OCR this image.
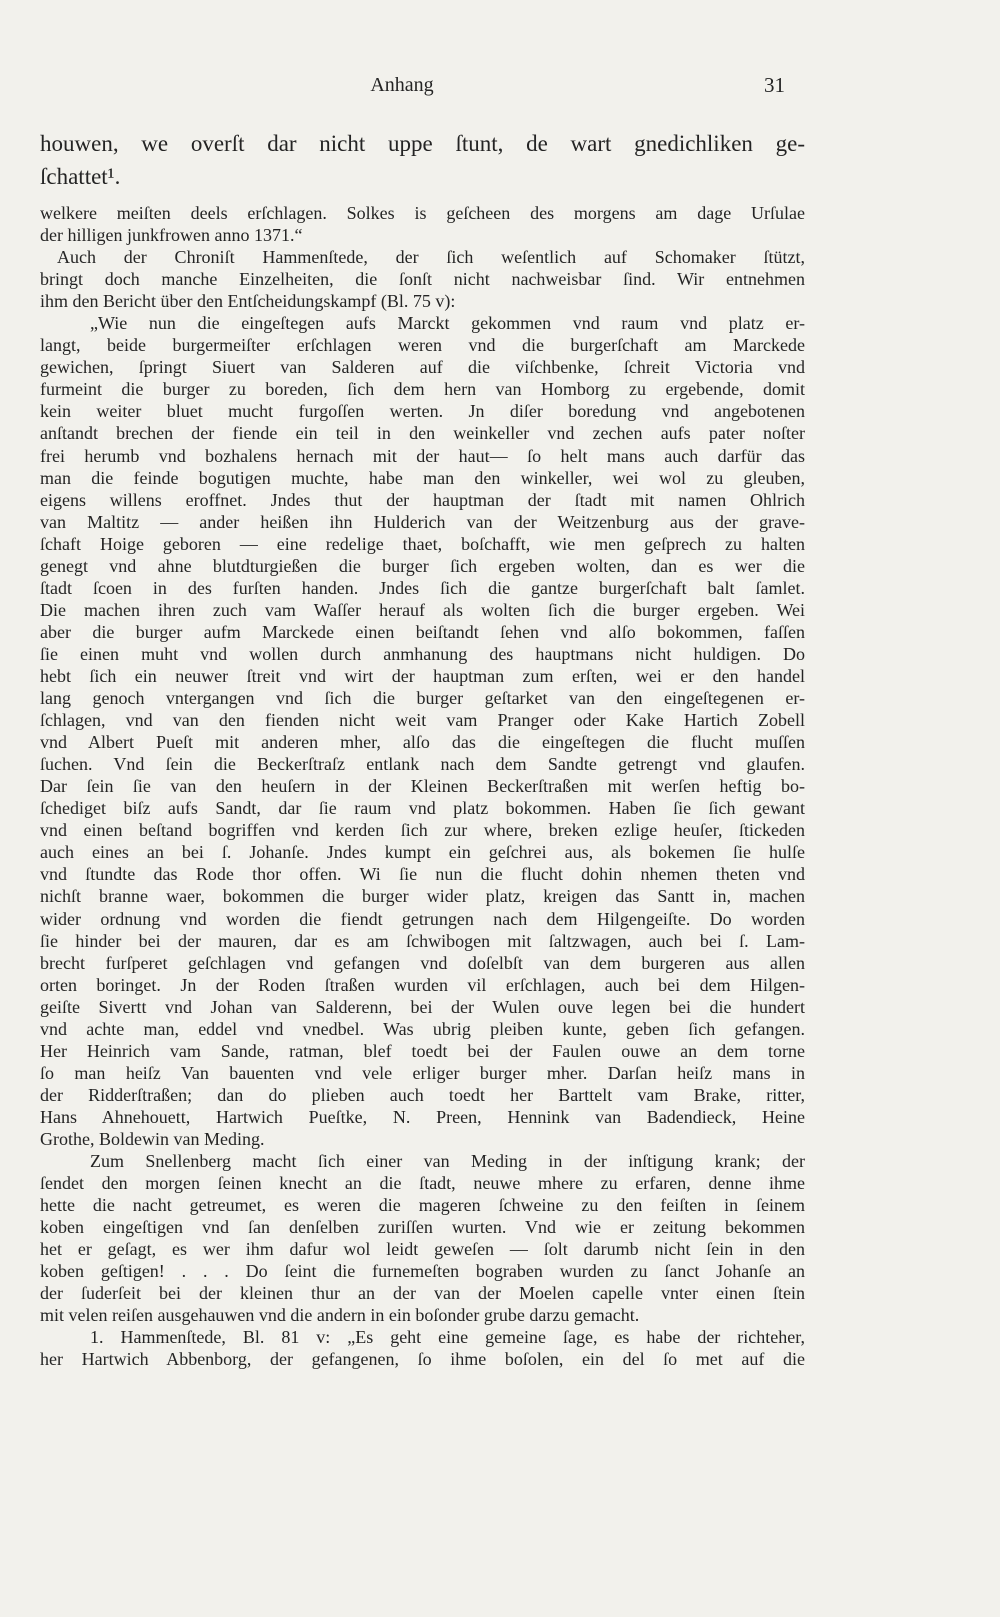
Anhang	31
houwen, we overſt dar nicht uppe ſtunt, de wart gnedichliken ge-
ſchattet¹.
welkere meiſten deels erſchlagen. Solkes is geſcheen des morgens am dage Urſulae
der hilligen junkfrowen anno 1371.“
Auch der Chroniſt Hammenſtede, der ſich weſentlich auf Schomaker ſtützt,
bringt doch manche Einzelheiten, die ſonſt nicht nachweisbar ſind. Wir entnehmen
ihm den Bericht über den Entſcheidungskampf (Bl. 75 v):
„Wie nun die eingeſtegen aufs Marckt gekommen vnd raum vnd platz er-
langt, beide burgermeiſter erſchlagen weren vnd die burgerſchaft am Marckede
gewichen, ſpringt Siuert van Salderen auf die viſchbenke, ſchreit Victoria vnd
furmeint die burger zu boreden, ſich dem hern van Homborg zu ergebende, domit
kein weiter bluet mucht furgoſſen werten. Jn diſer boredung vnd angebotenen
anſtandt brechen der fiende ein teil in den weinkeller vnd zechen aufs pater noſter
frei herumb vnd bozhalens hernach mit der haut— ſo helt mans auch darfür das
man die feinde bogutigen muchte, habe man den winkeller, wei wol zu gleuben,
eigens willens eroffnet. Jndes thut der hauptman der ſtadt mit namen Ohlrich
van Maltitz — ander heißen ihn Hulderich van der Weitzenburg aus der grave-
ſchaft Hoige geboren — eine redelige thaet, boſchafft, wie men geſprech zu halten
genegt vnd ahne blutdturgießen die burger ſich ergeben wolten, dan es wer die
ſtadt ſcoen in des furſten handen. Jndes ſich die gantze burgerſchaft balt ſamlet.
Die machen ihren zuch vam Waſſer herauf als wolten ſich die burger ergeben. Wei
aber die burger aufm Marckede einen beiſtandt ſehen vnd alſo bokommen, faſſen
ſie einen muht vnd wollen durch anmhanung des hauptmans nicht huldigen. Do
hebt ſich ein neuwer ſtreit vnd wirt der hauptman zum erſten, wei er den handel
lang genoch vntergangen vnd ſich die burger geſtarket van den eingeſtegenen er-
ſchlagen, vnd van den fienden nicht weit vam Pranger oder Kake Hartich Zobell
vnd Albert Pueſt mit anderen mher, alſo das die eingeſtegen die flucht muſſen
ſuchen. Vnd ſein die Beckerſtraſz entlank nach dem Sandte getrengt vnd glaufen.
Dar ſein ſie van den heuſern in der Kleinen Beckerſtraßen mit werſen heftig bo-
ſchediget biſz aufs Sandt, dar ſie raum vnd platz bokommen. Haben ſie ſich gewant
vnd einen beſtand bogriffen vnd kerden ſich zur where, breken ezlige heuſer, ſtickeden
auch eines an bei ſ. Johanſe. Jndes kumpt ein geſchrei aus, als bokemen ſie hulſe
vnd ſtundte das Rode thor offen. Wi ſie nun die flucht dohin nhemen theten vnd
nichſt branne waer, bokommen die burger wider platz, kreigen das Santt in, machen
wider ordnung vnd worden die fiendt getrungen nach dem Hilgengeiſte. Do worden
ſie hinder bei der mauren, dar es am ſchwibogen mit ſaltzwagen, auch bei ſ. Lam-
brecht furſperet geſchlagen vnd gefangen vnd doſelbſt van dem burgeren aus allen
orten boringet. Jn der Roden ſtraßen wurden vil erſchlagen, auch bei dem Hilgen-
geiſte Sivertt vnd Johan van Salderenn, bei der Wulen ouve legen bei die hundert
vnd achte man, eddel vnd vnedbel. Was ubrig pleiben kunte, geben ſich gefangen.
Her Heinrich vam Sande, ratman, blef toedt bei der Faulen ouwe an dem torne
ſo man heiſz Van bauenten vnd vele erliger burger mher. Darſan heiſz mans in
der Ridderſtraßen; dan do plieben auch toedt her Barttelt vam Brake, ritter,
Hans Ahnehouett, Hartwich Pueſtke, N. Preen, Hennink van Badendieck, Heine
Grothe, Boldewin van Meding.
Zum Snellenberg macht ſich einer van Meding in der inſtigung krank; der
ſendet den morgen ſeinen knecht an die ſtadt, neuwe mhere zu erfaren, denne ihme
hette die nacht getreumet, es weren die mageren ſchweine zu den feiſten in ſeinem
koben eingeſtigen vnd ſan denſelben zuriſſen wurten. Vnd wie er zeitung bekommen
het er geſagt, es wer ihm dafur wol leidt geweſen — ſolt darumb nicht ſein in den
koben geſtigen! . . . Do ſeint die furnemeſten bograben wurden zu ſanct Johanſe an
der ſuderſeit bei der kleinen thur an der van der Moelen capelle vnter einen ſtein
mit velen reiſen ausgehauwen vnd die andern in ein boſonder grube darzu gemacht.
1. Hammenſtede, Bl. 81 v: „Es geht eine gemeine ſage, es habe der richteher,
her Hartwich Abbenborg, der gefangenen, ſo ihme boſolen, ein del ſo met auf die
